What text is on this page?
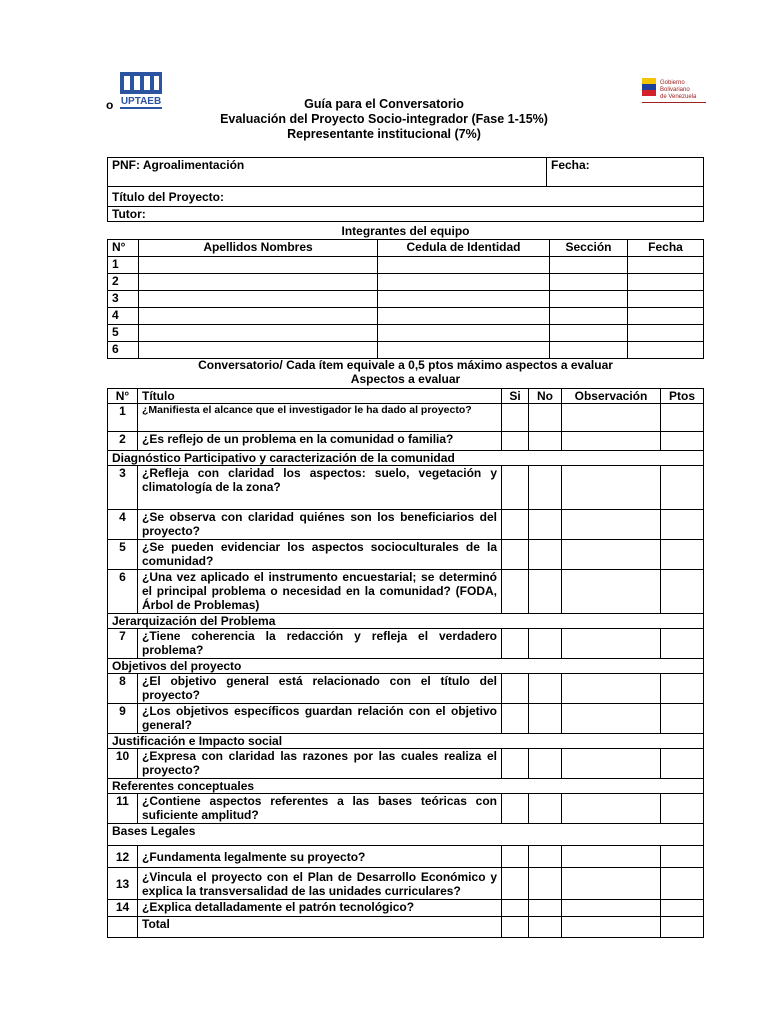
UPTAEB
o
Gobierno
Bolivariano
de Venezuela
Guía para el Conversatorio
Evaluación del Proyecto Socio-integrador (Fase 1-15%)
Representante institucional (7%)
PNF: Agroalimentación	Fecha:
Título del Proyecto:
Tutor:
Integrantes del equipo
N°	Apellidos Nombres	Cedula de Identidad	Sección	Fecha
1				
2				
3				
4				
5				
6				
Conversatorio/ Cada ítem equivale a 0,5 ptos máximo aspectos a evaluar
Aspectos a evaluar
N°	Título	Si	No	Observación	Ptos
1	¿Manifiesta el alcance que el investigador le ha dado al proyecto?				
2	¿Es reflejo de un problema en la comunidad o familia?				
Diagnóstico Participativo y caracterización de la comunidad					
3	¿Refleja con claridad los aspectos: suelo, vegetación y climatología de la zona?				
4	¿Se observa con claridad quiénes son los beneficiarios del proyecto?				
5	¿Se pueden evidenciar los aspectos socioculturales de la comunidad?				
6	¿Una vez aplicado el instrumento encuestarial; se determinó el principal problema o necesidad en la comunidad? (FODA, Árbol de Problemas)				
Jerarquización del Problema					
7	¿Tiene coherencia la redacción y refleja el verdadero problema?				
Objetivos del proyecto					
8	¿El objetivo general está relacionado con el título del proyecto?				
9	¿Los objetivos específicos guardan relación con el objetivo general?				
Justificación e Impacto social					
10	¿Expresa con claridad las razones por las cuales realiza el proyecto?				
Referentes conceptuales					
11	¿Contiene aspectos referentes a las bases teóricas con suficiente amplitud?				
Bases Legales					
12	¿Fundamenta legalmente su proyecto?				
13	¿Vincula el proyecto con el Plan de Desarrollo Económico y explica la transversalidad de las unidades curriculares?				
14	¿Explica detalladamente el patrón tecnológico?				
	Total				
